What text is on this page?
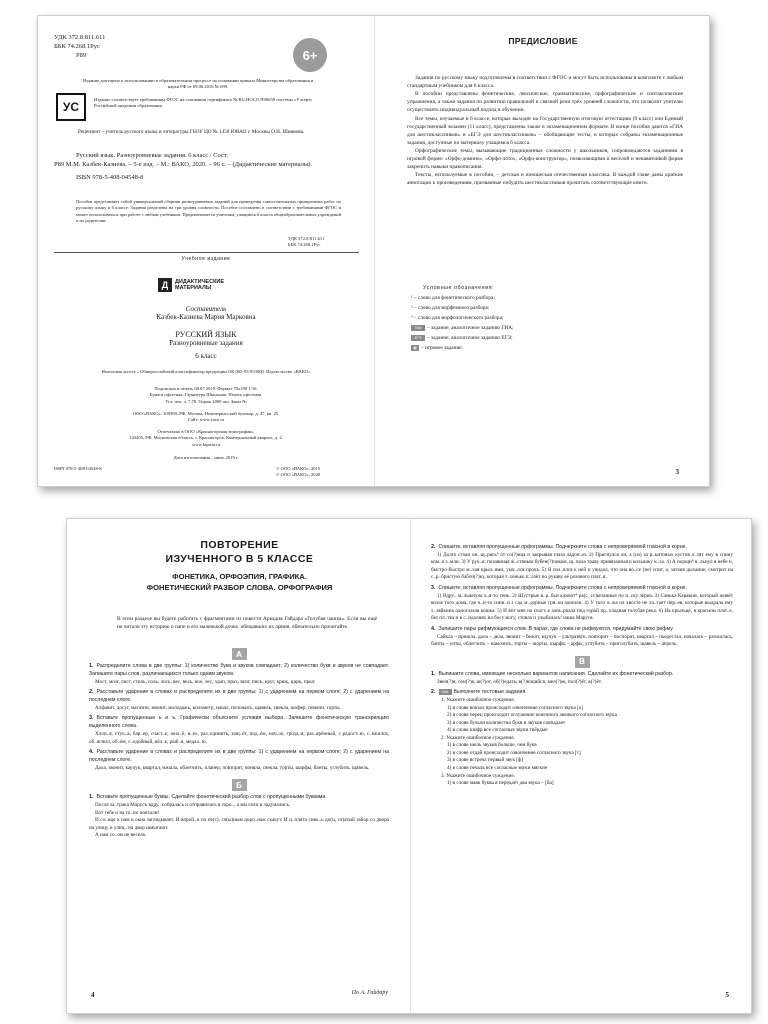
УДК 372.8:811.611
ББК 74.268.1Рус
Р89	6+
Издание допущено к использованию в образовательном процессе на основании приказа Министерства образования и науки РФ от 09.06.2016 № 699.
УС
Издание соответствует требованиям ФГОС на основании сертификата № RU.НОСО.П00658 системы «Учсерт» Российской академии образования.
Рецензент – учитель русского языка и литературы ГБОУ ЦО № 1458 ЮВАО г. Москвы О.Н. Шиянова.
Русский язык. Разноуровневые задания. 6 класс / Сост.
Р89 М.М. Казбек-Казиева. – 5-е изд. – М.: ВАКО, 2020. – 96 с. – (Дидактические материалы).
ISBN 978-5-408-04548-8
Пособие представляет собой универсальный сборник разноуровневых заданий для проведения самостоятельных проверочных работ по русскому языку в 6 классе. Задания разделены на три уровня сложности. Пособие составлено в соответствии с требованиями ФГОС и может использоваться при работе с любым учебником. Предназначается учителям, учащимся 6 класса общеобразовательных учреждений и их родителям.
УДК 372.8:811.611
ББК 74.268.1Рус
Учебное издание
Д	ДИДАКТИЧЕСКИЕ
МАТЕРИАЛЫ
Составитель
Казбек-Казиева Мария Марковна
РУССКИЙ ЯЗЫК
Разноуровневые задания
6 класс
Налоговая льгота – Общероссийский классификатор продукции ОК 005-93-953000. Издательство «ВАКО»
Подписано в печать 08.07.2019. Формат 70х100 1/16.
Бумага офсетная. Гарнитура Школьная. Печать офсетная.
Усл. печ. л. 7,78. Тираж 4000 экз. Заказ №
ООО «ВАКО». 109369, РФ, Москва, Новочеркасский бульвар, д. 47, кв. 25.
Сайт: www.vaco.ru
Отпечатано в ООО «Красногорская типография».
143405, РФ, Московская область, г. Красногорск, Коммунальный квартал, д. 2.
www.ktprint.ru
Дата изготовления – июль 2019 г.
ISBN 978-5-408-04548-8	© ООО «ВАКО», 2015
© ООО «ВАКО», 2020
ПРЕДИСЛОВИЕ

Задания по русскому языку подготовлены в соответствии с ФГОС и могут быть использованы в комплекте с любым стандартным учебником для 6 класса.

В пособии представлены фонетические, лексические, грамматические, орфографические и синтаксические упражнения, а также задания по развитию правильной и связной речи трёх уровней сложности, что позволит учителю осуществлять индивидуальный подход в обучении.

Все темы, изучаемые в 6 классе, которые выходят на Государственную итоговую аттестацию (9 класс) или Единый государственный экзамен (11 класс), представлены также в экзаменационном формате. В конце пособия даются «ГИА для шестиклассников» и «ЕГЭ для шестиклассников» – обобщающие тесты, в которых собраны экзаменационные задания, доступные по материалу учащимся 6 класса.

Орфографические темы, вызывающие традиционные сложности у школьников, сопровождаются заданиями в игровой форме: «Орфо-домино», «Орфо-лото», «Орфо-конструктор», позволяющими в весёлой и ненавязчивой форме закрепить навыки правописания.

Тексты, используемые в пособии, – детская и юношеская отечественная классика. В каждой главе даны краткие аннотации к произведениям, призванные побудить шестиклассников прочитать соответствующие книги.

Условные обозначения:
¹ – слово для фонетического разбора;
² – слово для морфемного разбора;
³ – слово для морфологического разбора;
ГИА – задание, аналогичное заданию ГИА;
ЕГЭ – задание, аналогичное заданию ЕГЭ;
▦ – игровое задание.
3
ПОВТОРЕНИЕ
ИЗУЧЕННОГО В 5 КЛАССЕ
ФОНЕТИКА, ОРФОЭПИЯ, ГРАФИКА.
ФОНЕТИЧЕСКИЙ РАЗБОР СЛОВА. ОРФОГРАФИЯ
В этом разделе вы будете работать с фрагментами из повести Аркадия Гайдара «Голубая чашка». Если вы ещё не читали эту историю о папе и его маленькой дочке, обещавших их армия, обязательно прочитайте.
А
1. Распределите слова в две группы: 1) количество букв и звуков совпадает; 2) количество букв и звуков не совпадает. Запишите пары слов, различающихся только одним звуком.
Мост, мозг, лист, стиль, соль, лось, вес, весь, вое, лес, храп, прах, визг, писк, круг, крюк, цирк, прыг.
2. Расставьте ударение в словах и распределите их в две группы: 1) с ударением на первом слоге; 2) с ударением на последнем слоге.
Алфавит, досуг, магазин, звонит, молодажь, километр, начал, положить, щавель, свекла, шофер, поняли, торты.
3. Вставьте пропущенные ь и ъ. Графически объясните условия выбора. Запишите фонетическую транскрипцию выделенного слова.
Хлоп..я, стуч..я, бар..ер, счаст..е, жил..ё, в..ех, раз..единить, защ..ёт, под..ём, ноч..ю, грозд..я, раз..ярённый, с радост..ю, с..ёжился, об..яснил, об..ём, с..едобный, вёл..е, рыб..я, медал..ю.
4. Расставьте ударение в словах и распределите их в две группы: 1) с ударением на первом слоге; 2) с ударением на последнем слоге.
Дала, звонит, каучук, квартал, начала, облегчить, планер, повторит, поняла, свекла, торты, шарфы, банты, углубить, щавель.
Б
1. Вставьте пропущенные буквы. Сделайте фонетический разбор слов с пропущенными буквами.
После за..трака Марусъ вдру.. собралась и отправилась в горо.., а мы сели и задумались.
Вот тебе и на го..но поехали!
И со..нце к нам в окна заглядывает. И ворой..и по пе(с), сч(ы)ным доро..нам скачут. И ц..плята сиво..ь до(ц, сч)атый забор со двора на улицу и улиц.. на двор шмыгают.
А нам со..ом не весело.
4	По А. Гайдару
2. Спишите, вставляя пропущенные орфограммы. Подчеркните слова с непроверяемой гласной в корне.
1) Долго стоял он, щ..рясь⁴ от со(?)нца и закрывая глаза ладон..ю. 2) Пригнулся он, а (из) за р..китовых кустов л..тят ему в спину ком..я з..мли. 3) У руч..я, позавиная ж..стяным бубен(?)чиком, щ..пала траву привязанная к колышку к..за. 4) А норщи⁴ в..льнул в небе и, быстро-быстро м..хая крыл..ями, умч..лся прочь. 5) Я поз..ялся к ней и увидал, что она во..се (не) спит, а, затаив дыхание, смотрит на с..р..бристую бабоч(?)ку, которая т..хонько п..лзёт по рукаву её розового плат..я.
3. Спишите, вставляя пропущенные орфограммы. Подчеркните слова с непроверяемой гласной в корне.
1) Вдру.. м..лыкнула ч..я-то тень. 2) Шустрые в..р..бьи клюют⁴ ра(с, сс)ыпанные по п..ску зёрна. 3) Санька Карякин, который живёт возле того дома, где ч..н-то сини..и з сад м..дорные гря..ки залезли. 4) У того ч..жа на хвосте не ха..тает пер..ев, которые выдрала ему х..зяйкина одноглазая кошка. 5) И вот мне на счаст..е засв..ркала под горой пр..хладная голубая река. 6) На крыльце, в красном плат..е, без пл..тка и в с..ндалиях на босу ногу, стояла и улыбалась³ наша Маруся.
4. Запишите пары рифмующихся слов. В парах, где слова не рифмуются, придумайте свою рифму.
Сайкла – пришла, дала – дела, звонит – бежит, каучук – ультразвук, повторит – поспорит, квартал – пьедестал, началась – разошлась, банты – унты, облегчить – намочить, торты – шорты, шарфы – арфы, углубить – приголубить, щавель – апрель.
В
1. Выпишите слова, имеющие несколько вариантов написания. Сделайте их фонетический разбор.
Звен(?)я, сем(?)я, ш(?)от, об(?)едать, в(?)ющийся, мел(?)ю, пол(?)ёт, в(?)ёт.
2. ГИА Выполните тестовые задания.
1. Укажите ошибочное суждение.
1) в слове вокзал происходит озвончение согласного звука [к]
2) в слове перец происходит оглушение конечного звонкого согласного звука
3) в слове бульон количество букв и звуков совпадает
4) в слове шифр все согласные звуки твёрдые
2. Укажите ошибочное суждение.
1) в слове июль звуков больше, чем букв
2) в слове отдай происходит озвончение согласного звука [т]
3) в слове встреча первый звук [ф]
4) в слове печаль все согласные звуки мягкие
3. Укажите ошибочное суждение.
1) в слове маяк буква я передаёт два звука – [йа]
5
